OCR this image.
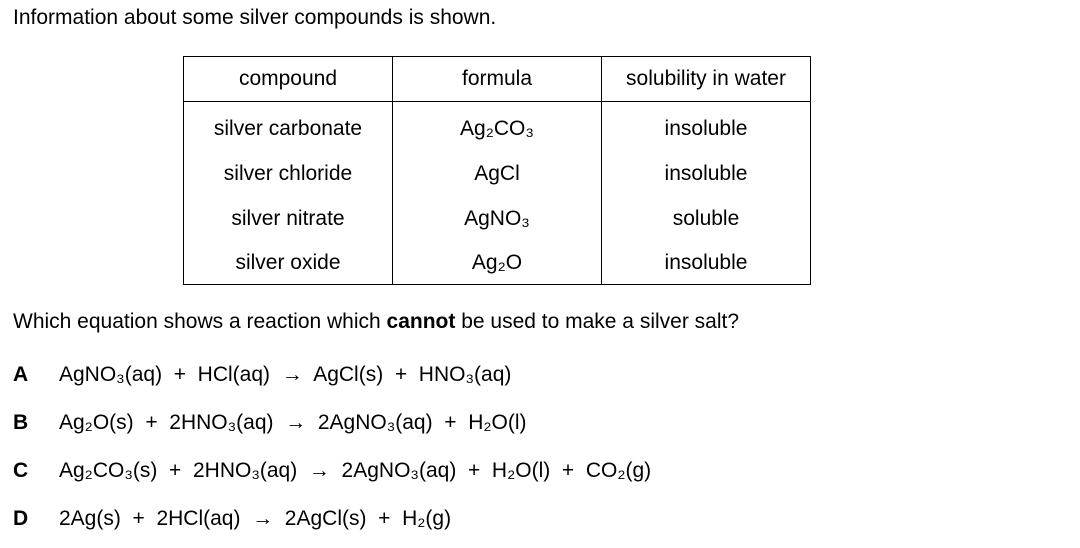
Information about some silver compounds is shown.
compound	formula	solubility in water
silver carbonate	Ag₂CO₃	insoluble
silver chloride	AgCl	insoluble
silver nitrate	AgNO₃	soluble
silver oxide	Ag₂O	insoluble
Which equation shows a reaction which cannot be used to make a silver salt?
A	AgNO₃(aq)  +  HCl(aq)  →  AgCl(s)  +  HNO₃(aq)
B	Ag₂O(s)  +  2HNO₃(aq)  →  2AgNO₃(aq)  +  H₂O(l)
C	Ag₂CO₃(s)  +  2HNO₃(aq)  →  2AgNO₃(aq)  +  H₂O(l)  +  CO₂(g)
D	2Ag(s)  +  2HCl(aq)  →  2AgCl(s)  +  H₂(g)
